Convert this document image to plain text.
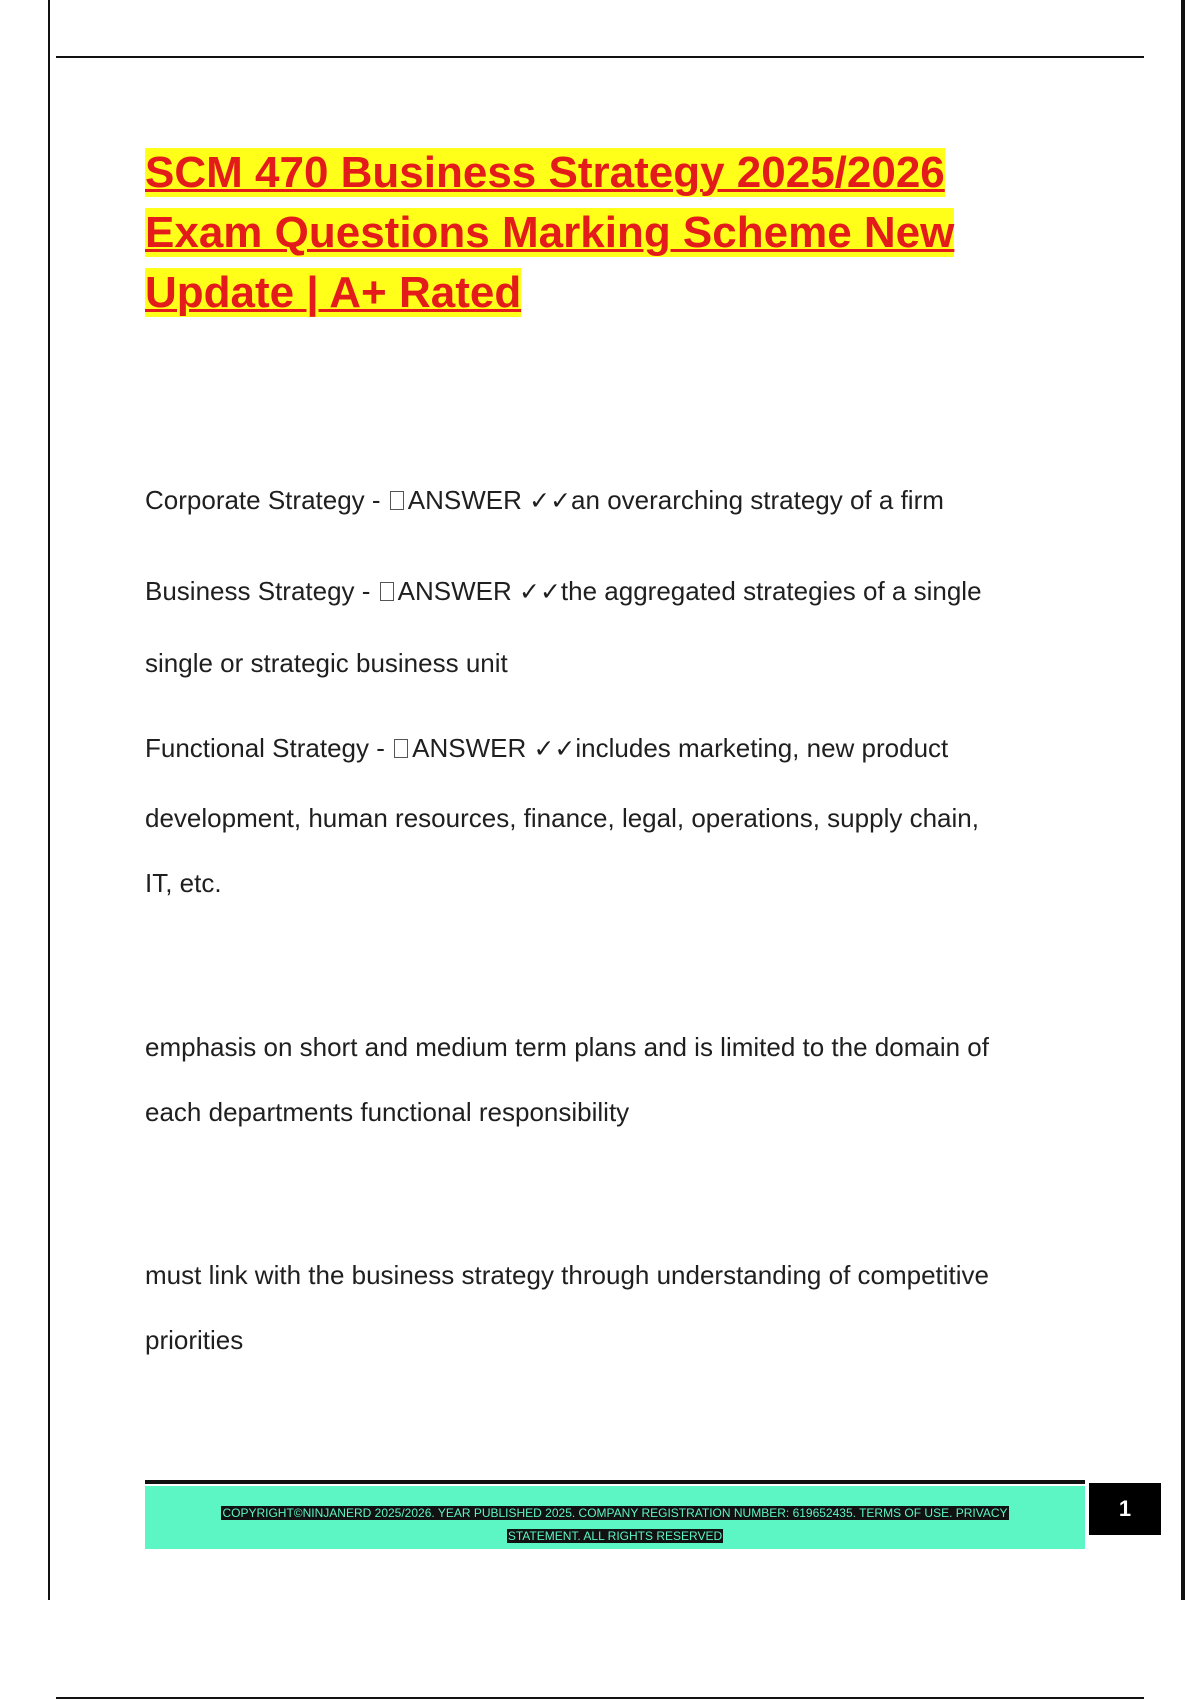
SCM 470 Business Strategy 2025/2026
Exam Questions Marking Scheme New
Update | A+ Rated

Corporate Strategy - ANSWER ✓✓an overarching strategy of a firm

Business Strategy - ANSWER ✓✓the aggregated strategies of a single

single or strategic business unit

Functional Strategy - ANSWER ✓✓includes marketing, new product

development, human resources, finance, legal, operations, supply chain,

IT, etc.

emphasis on short and medium term plans and is limited to the domain of

each departments functional responsibility

must link with the business strategy through understanding of competitive

priorities

COPYRIGHT©NINJANERD 2025/2026. YEAR PUBLISHED 2025. COMPANY REGISTRATION NUMBER: 619652435. TERMS OF USE. PRIVACY
STATEMENT. ALL RIGHTS RESERVED
1
